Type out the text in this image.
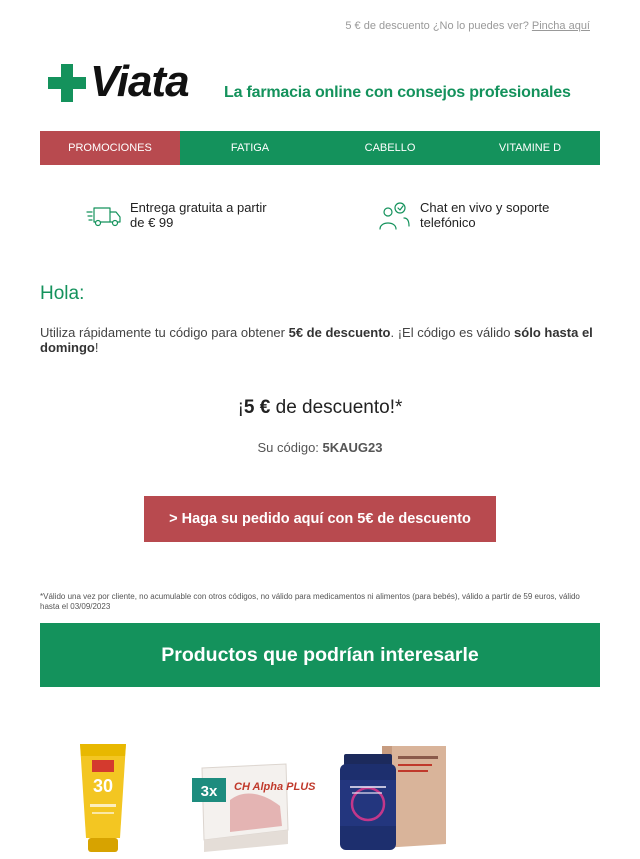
5 € de descuento ¿No lo puedes ver? Pincha aquí
Viata La farmacia online con consejos profesionales
PROMOCIONES	FATIGA	CABELLO	VITAMINE D
Entrega gratuita a partir de € 99
Chat en vivo y soporte telefónico
Hola:

Utiliza rápidamente tu código para obtener 5€ de descuento. ¡El código es válido sólo hasta el domingo!

¡5 € de descuento!*
Su código: 5KAUG23
> Haga su pedido aquí con 5€ de descuento

*Válido una vez por cliente, no acumulable con otros códigos, no válido para medicamentos ni alimentos (para bebés), válido a partir de 59 euros, válido hasta el 03/09/2023

Productos que podrían interesarle
30	3x CH Alpha PLUS
